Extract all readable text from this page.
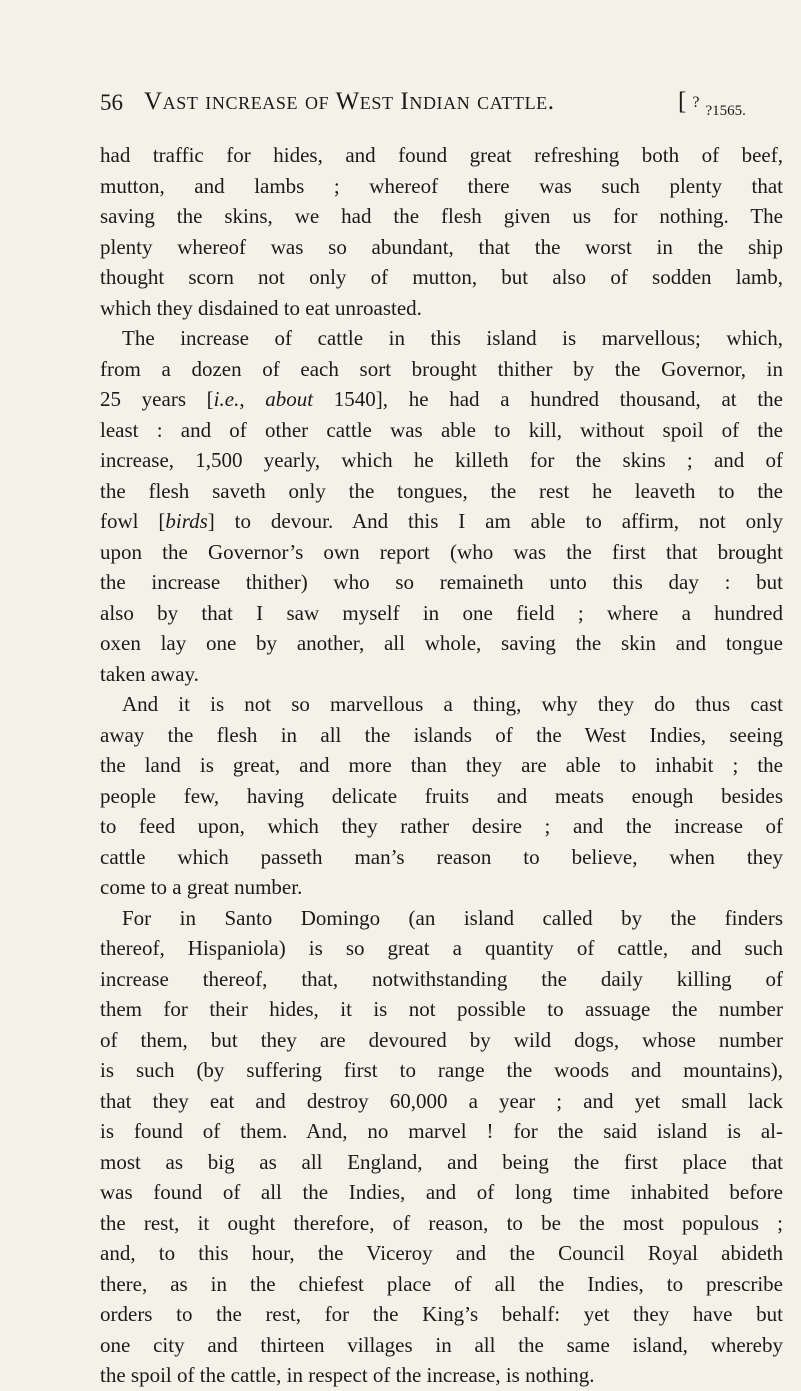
56 Vast increase of West Indian cattle.	[ ? $_{?1565.}$
had traffic for hides, and found great refreshing both of beef,
mutton, and lambs ; whereof there was such plenty that
saving the skins, we had the flesh given us for nothing. The
plenty whereof was so abundant, that the worst in the ship
thought scorn not only of mutton, but also of sodden lamb,
which they disdained to eat unroasted.
The increase of cattle in this island is marvellous; which,
from a dozen of each sort brought thither by the Governor, in
25 years [i.e., about 1540], he had a hundred thousand, at the
least : and of other cattle was able to kill, without spoil of the
increase, 1,500 yearly, which he killeth for the skins ; and of
the flesh saveth only the tongues, the rest he leaveth to the
fowl [birds] to devour. And this I am able to affirm, not only
upon the Governor’s own report (who was the first that brought
the increase thither) who so remaineth unto this day : but
also by that I saw myself in one field ; where a hundred
oxen lay one by another, all whole, saving the skin and tongue
taken away.
And it is not so marvellous a thing, why they do thus cast
away the flesh in all the islands of the West Indies, seeing
the land is great, and more than they are able to inhabit ; the
people few, having delicate fruits and meats enough besides
to feed upon, which they rather desire ; and the increase of
cattle which passeth man’s reason to believe, when they
come to a great number.
For in Santo Domingo (an island called by the finders
thereof, Hispaniola) is so great a quantity of cattle, and such
increase thereof, that, notwithstanding the daily killing of
them for their hides, it is not possible to assuage the number
of them, but they are devoured by wild dogs, whose number
is such (by suffering first to range the woods and mountains),
that they eat and destroy 60,000 a year ; and yet small lack
is found of them. And, no marvel ! for the said island is al-
most as big as all England, and being the first place that
was found of all the Indies, and of long time inhabited before
the rest, it ought therefore, of reason, to be the most populous ;
and, to this hour, the Viceroy and the Council Royal abideth
there, as in the chiefest place of all the Indies, to prescribe
orders to the rest, for the King’s behalf: yet they have but
one city and thirteen villages in all the same island, whereby
the spoil of the cattle, in respect of the increase, is nothing.
